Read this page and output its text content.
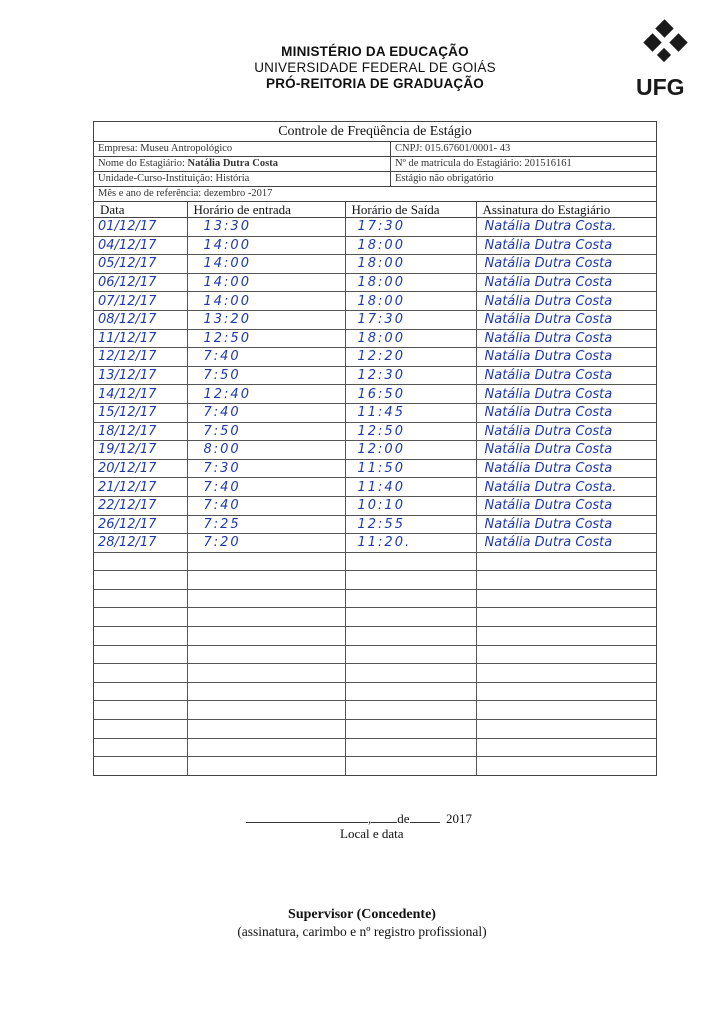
MINISTÉRIO DA EDUCAÇÃO
UNIVERSIDADE FEDERAL DE GOIÁS
PRÓ-REITORIA DE GRADUAÇÃO	UFG
Controle de Freqüência de Estágio
Empresa: Museu Antropológico	CNPJ: 015.67601/0001- 43
Nome do Estagiário: Natália Dutra Costa	Nº de matrícula do Estagiário: 201516161
Unidade-Curso-Instituição: História	Estágio não obrigatório
Mês e ano de referência: dezembro -2017
Data	Horário de entrada	Horário de Saída	Assinatura do Estagiário
01/12/17	13:30	17:30	Natália Dutra Costa.
04/12/17	14:00	18:00	Natália Dutra Costa
05/12/17	14:00	18:00	Natália Dutra Costa
06/12/17	14:00	18:00	Natália Dutra Costa
07/12/17	14:00	18:00	Natália Dutra Costa
08/12/17	13:20	17:30	Natália Dutra Costa
11/12/17	12:50	18:00	Natália Dutra Costa
12/12/17	7:40	12:20	Natália Dutra Costa
13/12/17	7:50	12:30	Natália Dutra Costa
14/12/17	12:40	16:50	Natália Dutra Costa
15/12/17	7:40	11:45	Natália Dutra Costa
18/12/17	7:50	12:50	Natália Dutra Costa
19/12/17	8:00	12:00	Natália Dutra Costa
20/12/17	7:30	11:50	Natália Dutra Costa
21/12/17	7:40	11:40	Natália Dutra Costa.
22/12/17	7:40	10:10	Natália Dutra Costa
26/12/17	7:25	12:55	Natália Dutra Costa
28/12/17	7:20	11:20.	Natália Dutra Costa

, de	2017
Local e data
Supervisor (Concedente)
(assinatura, carimbo e nº registro profissional)
